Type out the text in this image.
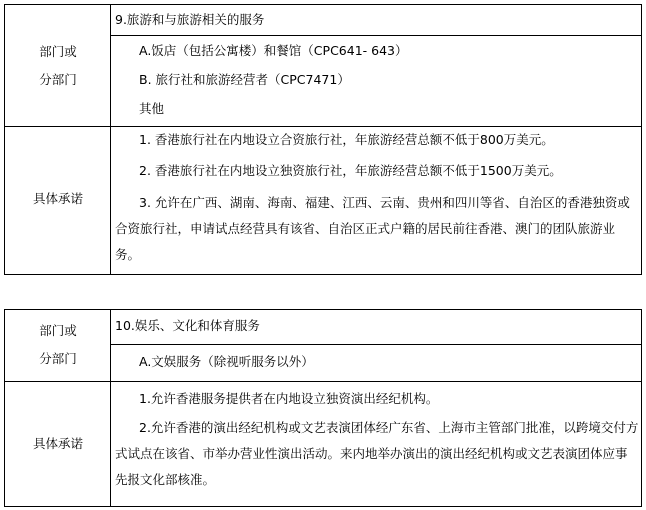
部门或
分部门
9.旅游和与旅游相关的服务
A.饭店（包括公寓楼）和餐馆（CPC641- 643）
B. 旅行社和旅游经营者（CPC7471）
其他
具体承诺
1. 香港旅行社在内地设立合资旅行社，年旅游经营总额不低于800万美元。
2. 香港旅行社在内地设立独资旅行社，年旅游经营总额不低于1500万美元。
3. 允许在广西、湖南、海南、福建、江西、云南、贵州和四川等省、自治区的香港独资或合资旅行社，申请试点经营具有该省、自治区正式户籍的居民前往香港、澳门的团队旅游业务。
部门或
分部门
10.娱乐、文化和体育服务
A.文娱服务（除视听服务以外）
具体承诺
1.允许香港服务提供者在内地设立独资演出经纪机构。
2.允许香港的演出经纪机构或文艺表演团体经广东省、上海市主管部门批准，以跨境交付方式试点在该省、市举办营业性演出活动。来内地举办演出的演出经纪机构或文艺表演团体应事先报文化部核准。
